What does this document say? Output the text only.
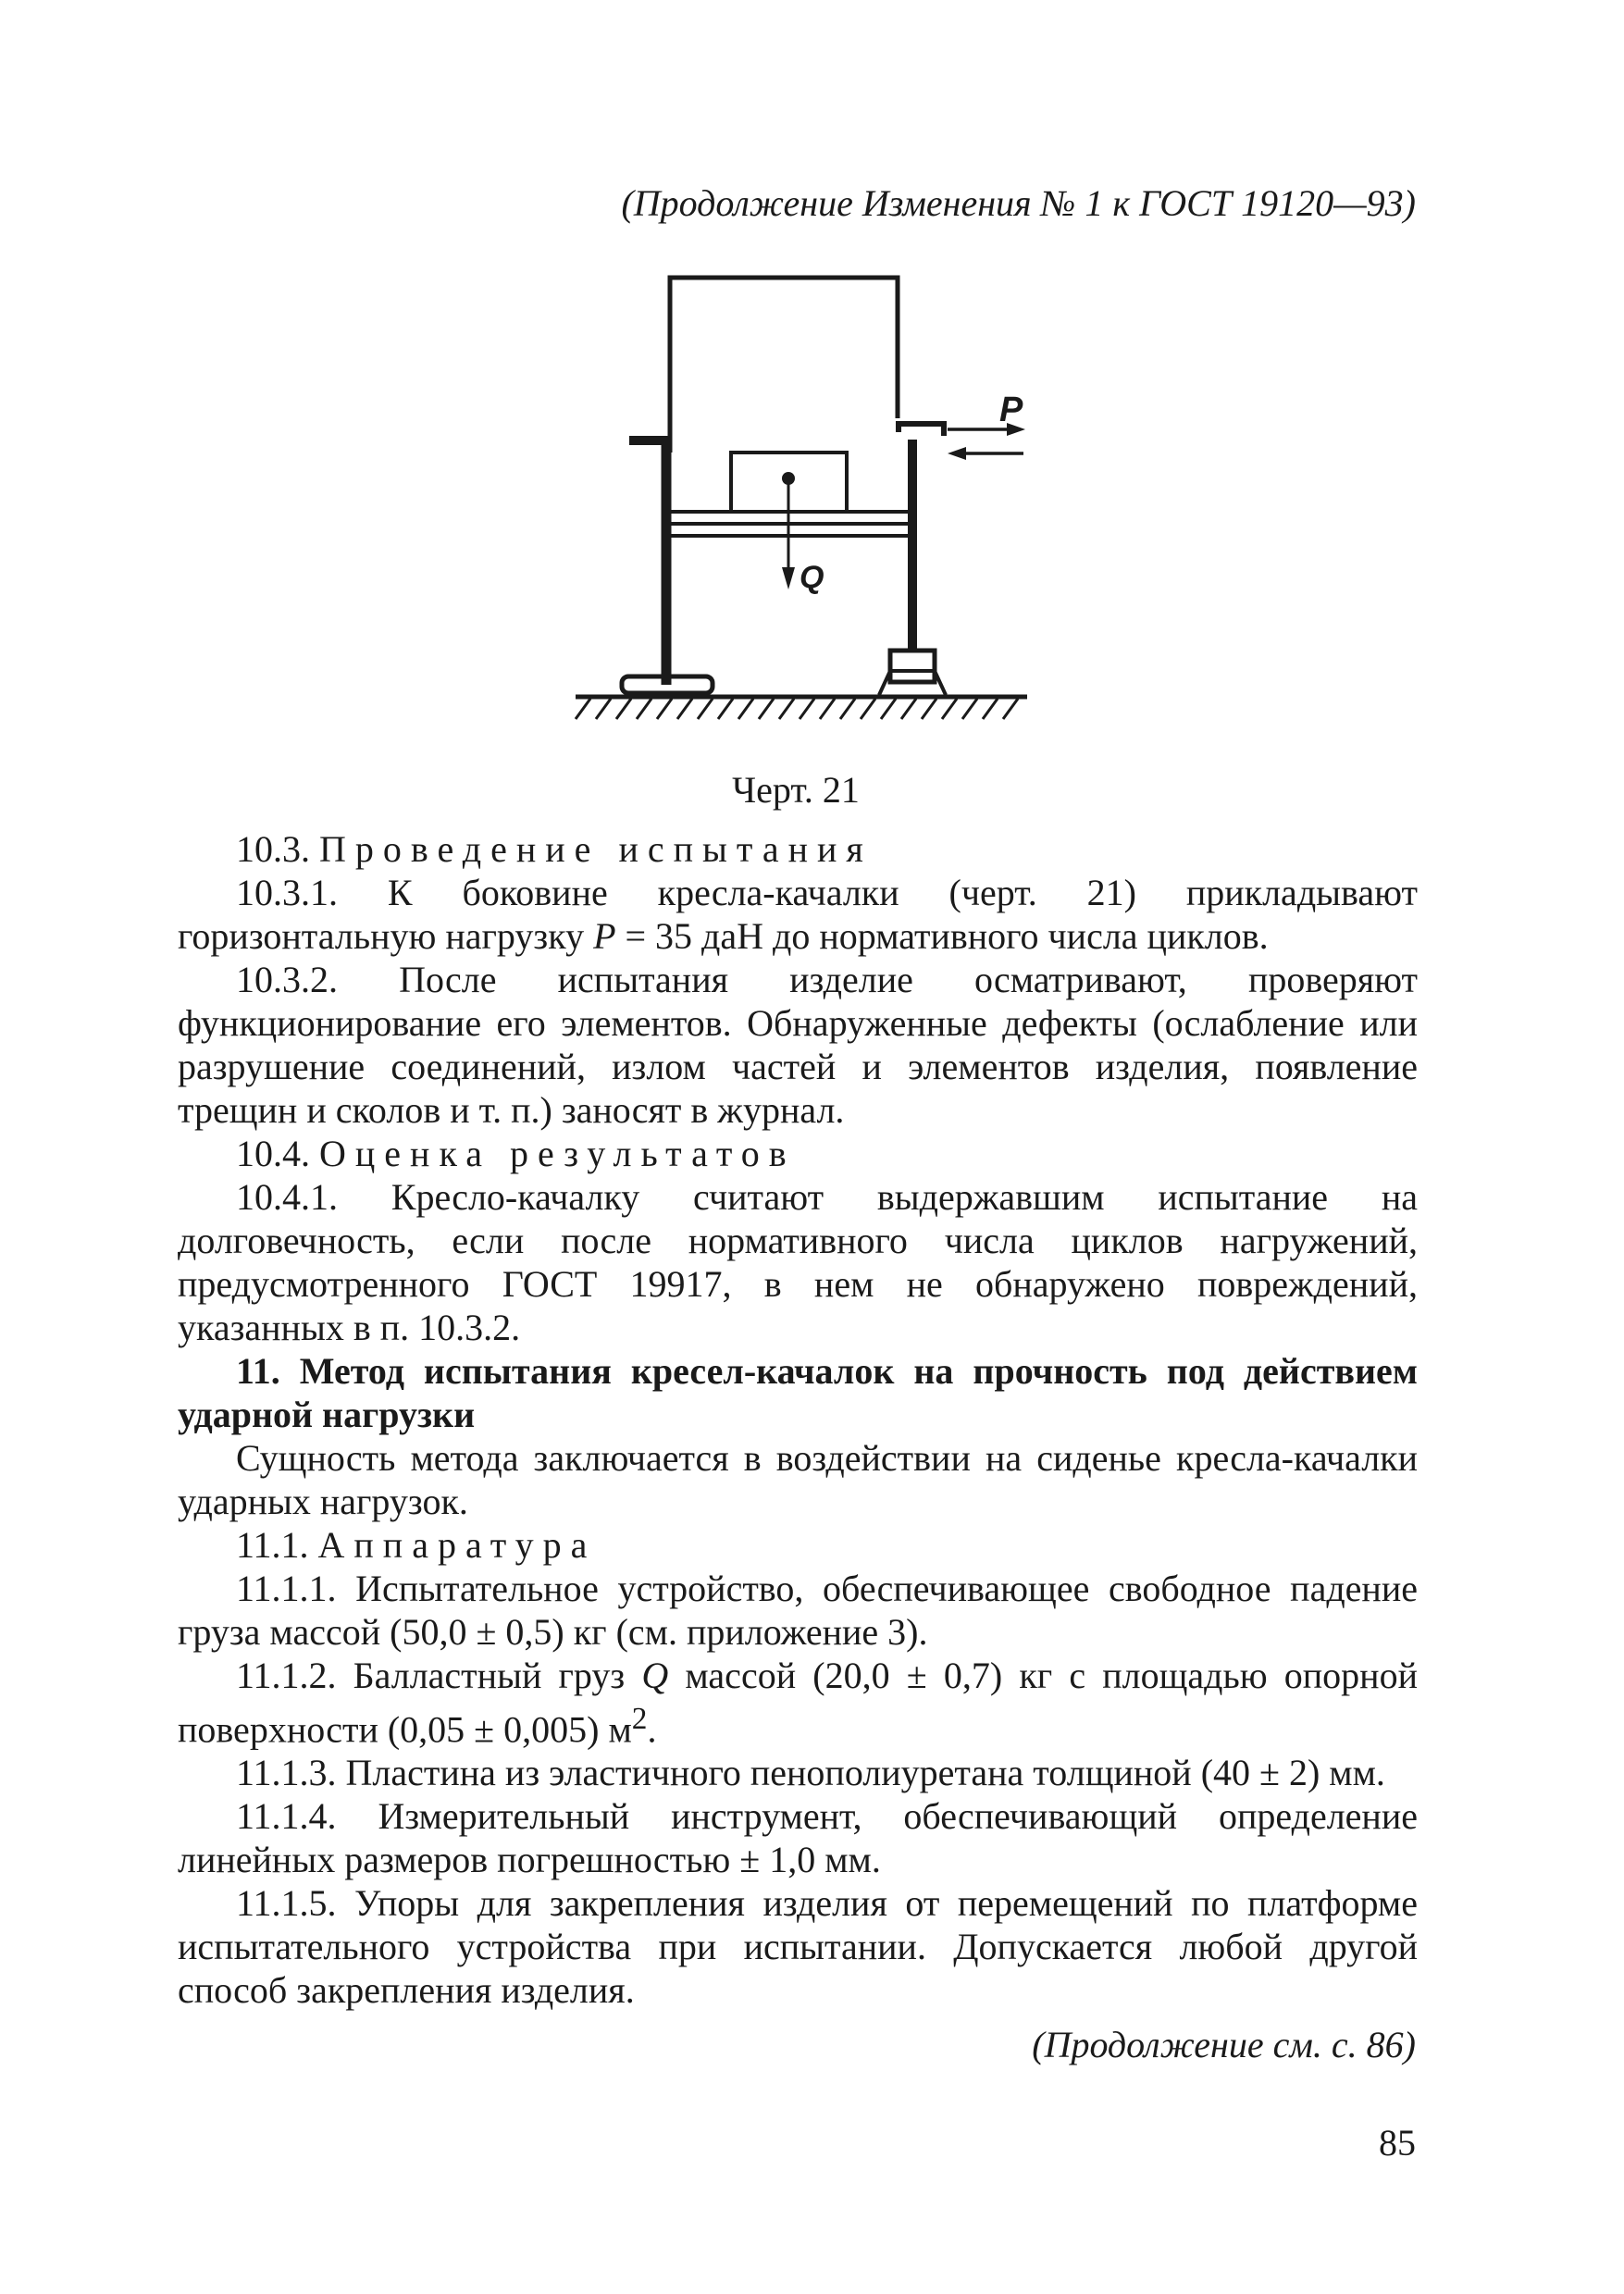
(Продолжение Изменения № 1 к ГОСТ 19120—93)
P
Q
Черт. 21

10.3. Проведение испытания

10.3.1. К боковине кресла-качалки (черт. 21) прикладывают горизонтальную нагрузку P = 35 даН до нормативного числа циклов.

10.3.2. После испытания изделие осматривают, проверяют функционирование его элементов. Обнаруженные дефекты (ослабление или разрушение соединений, излом частей и элементов изделия, появление трещин и сколов и т. п.) заносят в журнал.

10.4. Оценка результатов

10.4.1. Кресло-качалку считают выдержавшим испытание на долговечность, если после нормативного числа циклов нагружений, предусмотренного ГОСТ 19917, в нем не обнаружено повреждений, указанных в п. 10.3.2.

11. Метод испытания кресел-качалок на прочность под действием ударной нагрузки

Сущность метода заключается в воздействии на сиденье кресла-качалки ударных нагрузок.

11.1. Аппаратура

11.1.1. Испытательное устройство, обеспечивающее свободное падение груза массой (50,0 ± 0,5) кг (см. приложение 3).

11.1.2. Балластный груз Q массой (20,0 ± 0,7) кг с площадью опорной поверхности (0,05 ± 0,005) $м^2$.

11.1.3. Пластина из эластичного пенополиуретана толщиной (40 ± 2) мм.

11.1.4. Измерительный инструмент, обеспечивающий определение линейных размеров погрешностью ± 1,0 мм.

11.1.5. Упоры для закрепления изделия от перемещений по платформе испытательного устройства при испытании. Допускается любой другой способ закрепления изделия.

(Продолжение см. с. 86)
85
